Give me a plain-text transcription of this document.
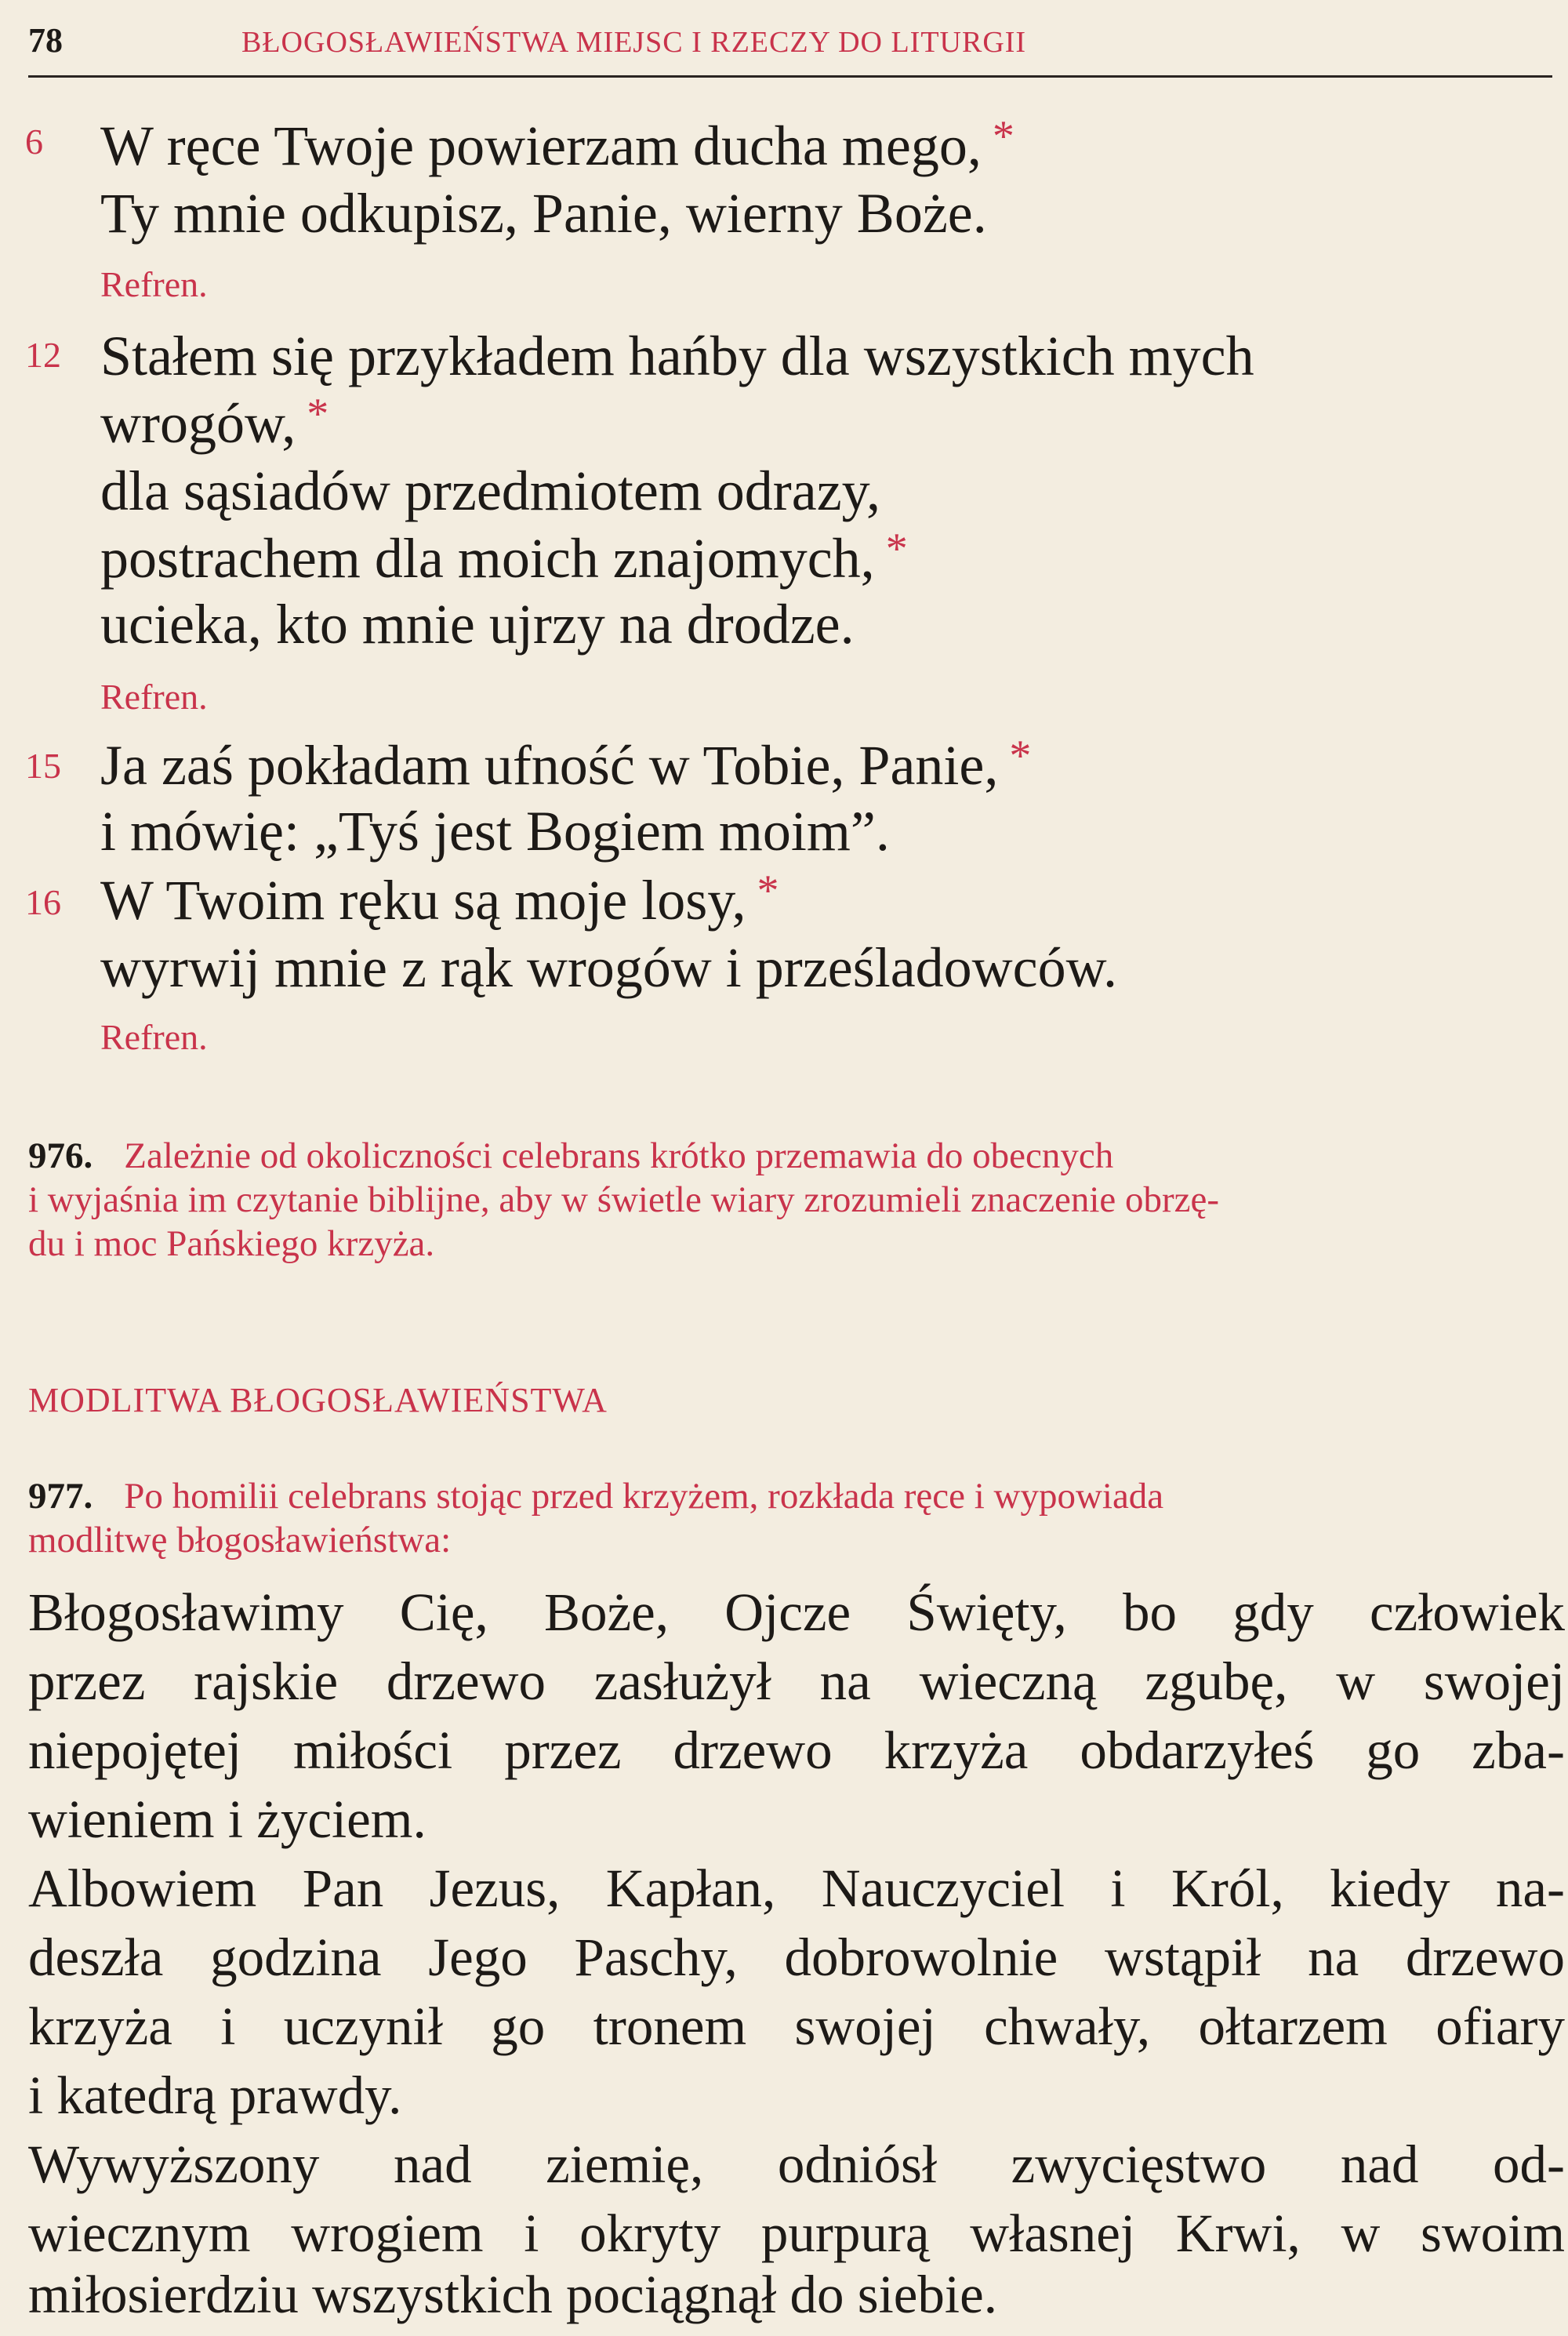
78	BŁOGOSŁAWIEŃSTWA MIEJSC I RZECZY DO LITURGII
6 W ręce Twoje powierzam ducha mego, *
Ty mnie odkupisz, Panie, wierny Boże.
Refren.
12 Stałem się przykładem hańby dla wszystkich mych
wrogów, *
dla sąsiadów przedmiotem odrazy,
postrachem dla moich znajomych, *
ucieka, kto mnie ujrzy na drodze.
Refren.
15 Ja zaś pokładam ufność w Tobie, Panie, *
i mówię: „Tyś jest Bogiem moim”.
16 W Twoim ręku są moje losy, *
wyrwij mnie z rąk wrogów i prześladowców.
Refren.
976. Zależnie od okoliczności celebrans krótko przemawia do obecnych
i wyjaśnia im czytanie biblijne, aby w świetle wiary zrozumieli znaczenie obrzę-
du i moc Pańskiego krzyża.
MODLITWA BŁOGOSŁAWIEŃSTWA
977. Po homilii celebrans stojąc przed krzyżem, rozkłada ręce i wypowiada
modlitwę błogosławieństwa:
Błogosławimy Cię, Boże, Ojcze Święty, bo gdy człowiek
przez rajskie drzewo zasłużył na wieczną zgubę, w swojej
niepojętej miłości przez drzewo krzyża obdarzyłeś go zba-
wieniem i życiem.
Albowiem Pan Jezus, Kapłan, Nauczyciel i Król, kiedy na-
deszła godzina Jego Paschy, dobrowolnie wstąpił na drzewo
krzyża i uczynił go tronem swojej chwały, ołtarzem ofiary
i katedrą prawdy.
Wywyższony nad ziemię, odniósł zwycięstwo nad od-
wiecznym wrogiem i okryty purpurą własnej Krwi, w swoim
miłosierdziu wszystkich pociągnął do siebie.
